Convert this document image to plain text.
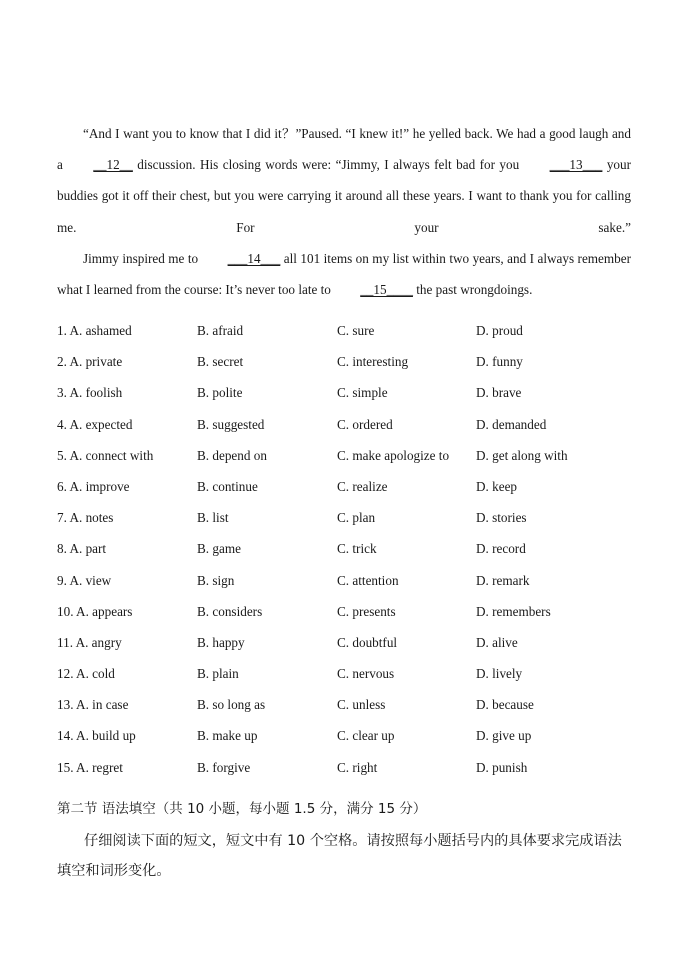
“And I want you to know that I did it？”Paused. “I knew it!” he yelled back. We had a good laugh and a __12__ discussion. His closing words were: “Jimmy, I always felt bad for you ___13___ your buddies got it off their chest, but you were carrying it around all these years. I want to thank you for calling me. For your sake.”

Jimmy inspired me to ___14___ all 101 items on my list within two years, and I always remember what I learned from the course: It’s never too late to __15____ the past wrongdoings.

1. A. ashamed	B. afraid	C. sure	D. proud
2. A. private	B. secret	C. interesting	D. funny
3. A. foolish	B. polite	C. simple	D. brave
4. A. expected	B. suggested	C. ordered	D. demanded
5. A. connect with	B. depend on	C. make apologize to D. get along with
6. A. improve	B. continue	C. realize	D. keep
7. A. notes	B. list	C. plan	D. stories
8. A. part	B. game	C. trick	D. record
9. A. view	B. sign	C. attention	D. remark
10. A. appears	B. considers	C. presents	D. remembers
11. A. angry	B. happy	C. doubtful	D. alive
12. A. cold	B. plain	C. nervous	D. lively
13. A. in case	B. so long as	C. unless	D. because
14. A. build up	B. make up	C. clear up	D. give up
15. A. regret	B. forgive	C. right	D. punish
第二节 语法填空（共 10 小题，每小题 1.5 分，满分 15 分）

仔细阅读下面的短文，短文中有 10 个空格。请按照每小题括号内的具体要求完成语法填空和词形变化。
